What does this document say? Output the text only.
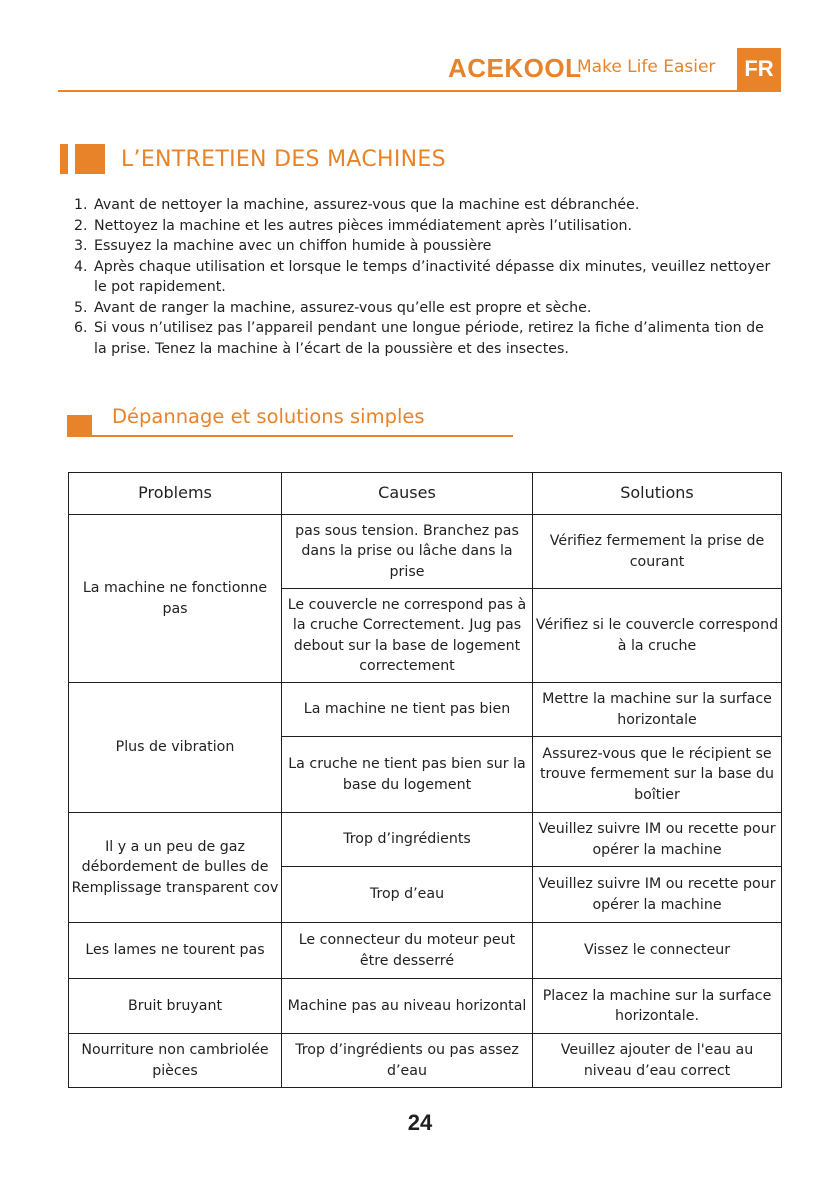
ACEKOOL
Make Life Easier	FR
L’ENTRETIEN DES MACHINES
1. Avant de nettoyer la machine, assurez-vous que la machine est débranchée.
2. Nettoyez la machine et les autres pièces immédiatement après l’utilisation.
3. Essuyez la machine avec un chiffon humide à poussière
4. Après chaque utilisation et lorsque le temps d’inactivité dépasse dix minutes, veuillez nettoyer le pot rapidement.
5. Avant de ranger la machine, assurez-vous qu’elle est propre et sèche.
6. Si vous n’utilisez pas l’appareil pendant une longue période, retirez la fiche d’alimenta tion de la prise. Tenez la machine à l’écart de la poussière et des insectes.
Dépannage et solutions simples
Problems	Causes	Solutions
La machine ne fonctionne pas	pas sous tension. Branchez pas dans la prise ou lâche dans la prise	Vérifiez fermement la prise de courant
	Le couvercle ne correspond pas à la cruche Correctement. Jug pas debout sur la base de logement correctement	Vérifiez si le couvercle correspond à la cruche
Plus de vibration	La machine ne tient pas bien	Mettre la machine sur la surface horizontale
	La cruche ne tient pas bien sur la base du logement	Assurez-vous que le récipient se trouve fermement sur la base du boîtier
Il y a un peu de gaz débordement de bulles de Remplissage transparent cov	Trop d’ingrédients	Veuillez suivre IM ou recette pour opérer la machine
	Trop d’eau	Veuillez suivre IM ou recette pour opérer la machine
Les lames ne tourent pas	Le connecteur du moteur peut être desserré	Vissez le connecteur
Bruit bruyant	Machine pas au niveau horizontal	Placez la machine sur la surface horizontale.
Nourriture non cambriolée pièces	Trop d’ingrédients ou pas assez d’eau	Veuillez ajouter de l'eau au niveau d’eau correct
24
